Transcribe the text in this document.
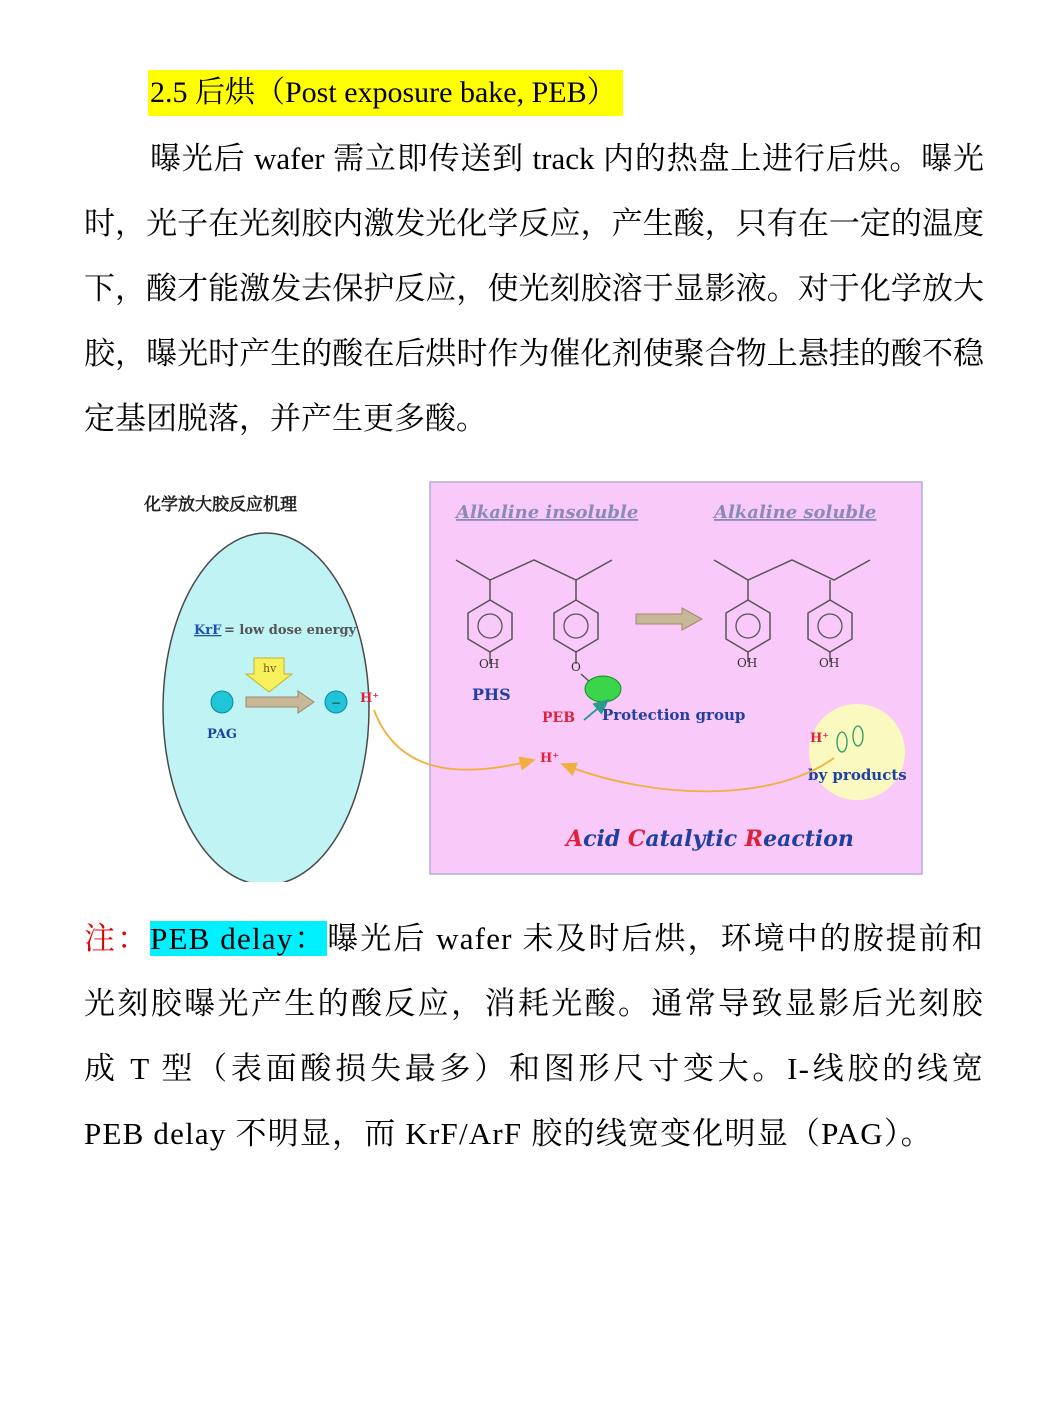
2.5 后烘（Post exposure bake, PEB）
曝光后 wafer 需立即传送到 track 内的热盘上进行后烘。曝光时，光子在光刻胶内激发光化学反应，产生酸，只有在一定的温度下，酸才能激发去保护反应，使光刻胶溶于显影液。对于化学放大胶，曝光时产生的酸在后烘时作为催化剂使聚合物上悬挂的酸不稳定基团脱落，并产生更多酸。
化学放大胶反应机理
KrF = low dose energy
hv
PAG
− H⁺
Alkaline insoluble	Alkaline soluble
OH	O
PHS
OH	OH
PEB Protection group
H⁺
H⁺
by products
Acid Catalytic Reaction
注：PEB delay：曝光后 wafer 未及时后烘，环境中的胺提前和光刻胶曝光产生的酸反应，消耗光酸。通常导致显影后光刻胶成 T 型（表面酸损失最多）和图形尺寸变大。I-线胶的线宽 PEB delay 不明显，而 KrF/ArF 胶的线宽变化明显（PAG）。
